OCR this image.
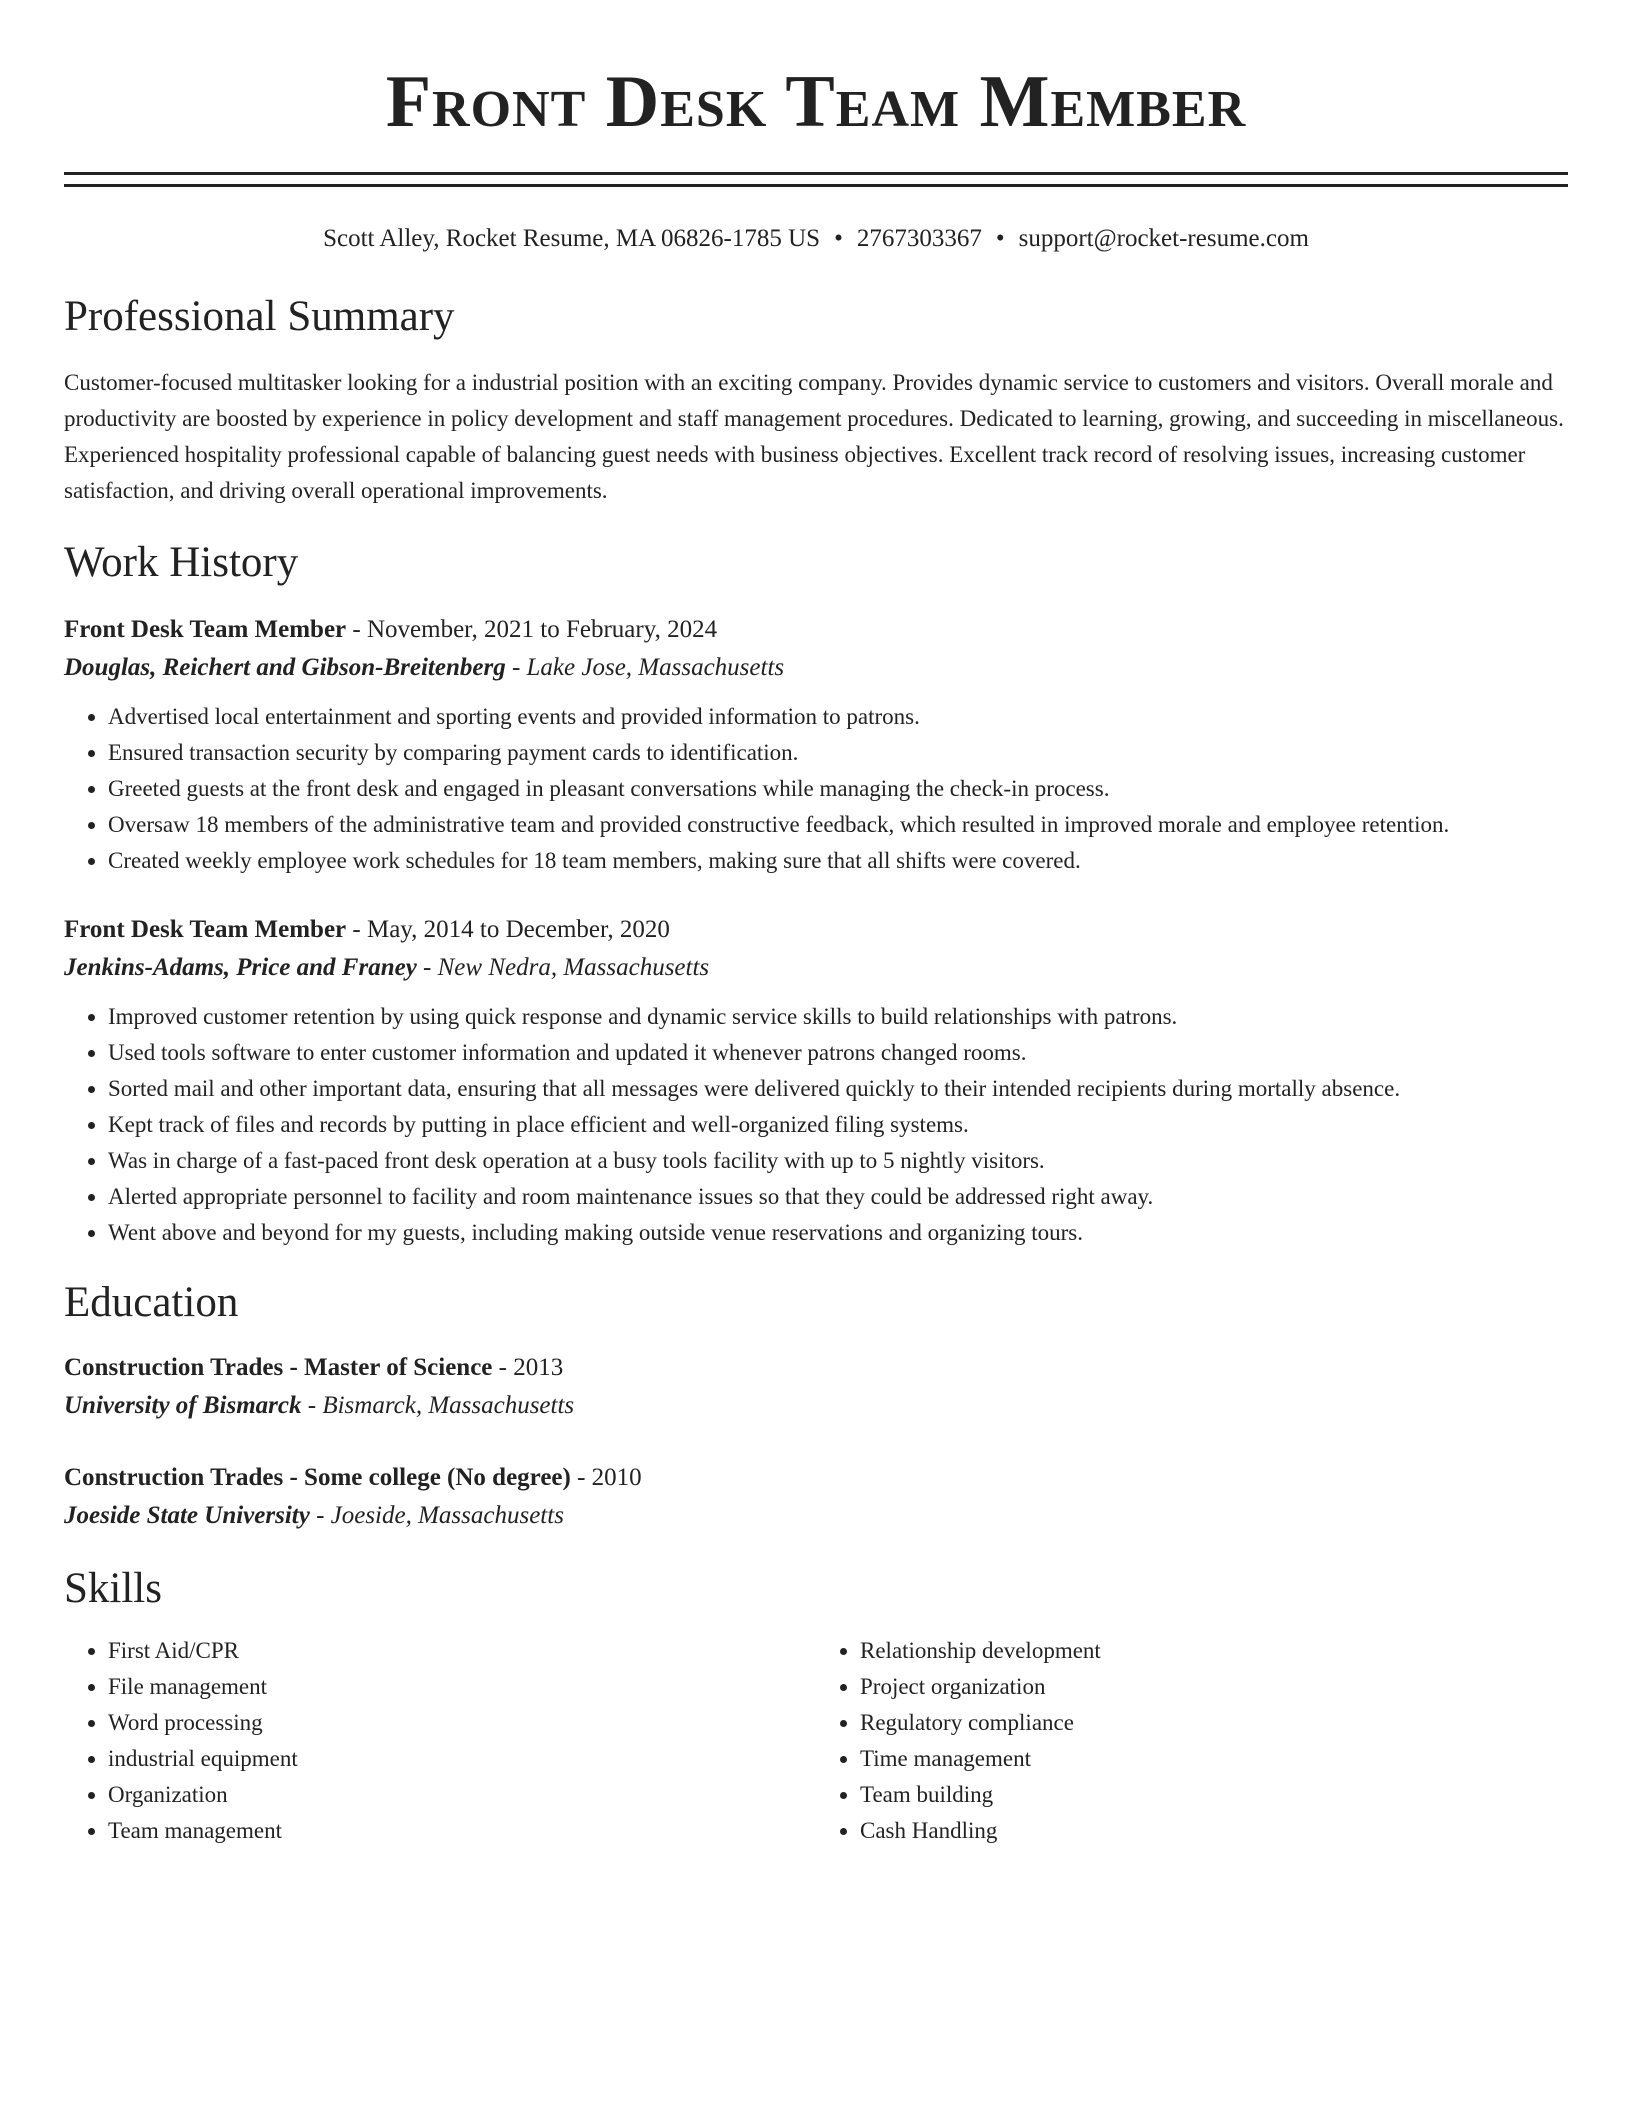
Front Desk Team Member
Scott Alley, Rocket Resume, MA 06826-1785 US • 2767303367 • support@rocket-resume.com
Professional Summary

Customer-focused multitasker looking for a industrial position with an exciting company. Provides dynamic service to customers and visitors. Overall morale and productivity are boosted by experience in policy development and staff management procedures. Dedicated to learning, growing, and succeeding in miscellaneous. Experienced hospitality professional capable of balancing guest needs with business objectives. Excellent track record of resolving issues, increasing customer satisfaction, and driving overall operational improvements.

Work History
Front Desk Team Member - November, 2021 to February, 2024
Douglas, Reichert and Gibson-Breitenberg - Lake Jose, Massachusetts
• Advertised local entertainment and sporting events and provided information to patrons.
• Ensured transaction security by comparing payment cards to identification.
• Greeted guests at the front desk and engaged in pleasant conversations while managing the check-in process.
• Oversaw 18 members of the administrative team and provided constructive feedback, which resulted in improved morale and employee retention.
• Created weekly employee work schedules for 18 team members, making sure that all shifts were covered.
Front Desk Team Member - May, 2014 to December, 2020
Jenkins-Adams, Price and Franey - New Nedra, Massachusetts
• Improved customer retention by using quick response and dynamic service skills to build relationships with patrons.
• Used tools software to enter customer information and updated it whenever patrons changed rooms.
• Sorted mail and other important data, ensuring that all messages were delivered quickly to their intended recipients during mortally absence.
• Kept track of files and records by putting in place efficient and well-organized filing systems.
• Was in charge of a fast-paced front desk operation at a busy tools facility with up to 5 nightly visitors.
• Alerted appropriate personnel to facility and room maintenance issues so that they could be addressed right away.
• Went above and beyond for my guests, including making outside venue reservations and organizing tours.
Education
Construction Trades - Master of Science - 2013
University of Bismarck - Bismarck, Massachusetts
Construction Trades - Some college (No degree) - 2010
Joeside State University - Joeside, Massachusetts
Skills
• First Aid/CPR
• File management
• Word processing
• industrial equipment
• Organization
• Team management
• Relationship development
• Project organization
• Regulatory compliance
• Time management
• Team building
• Cash Handling
